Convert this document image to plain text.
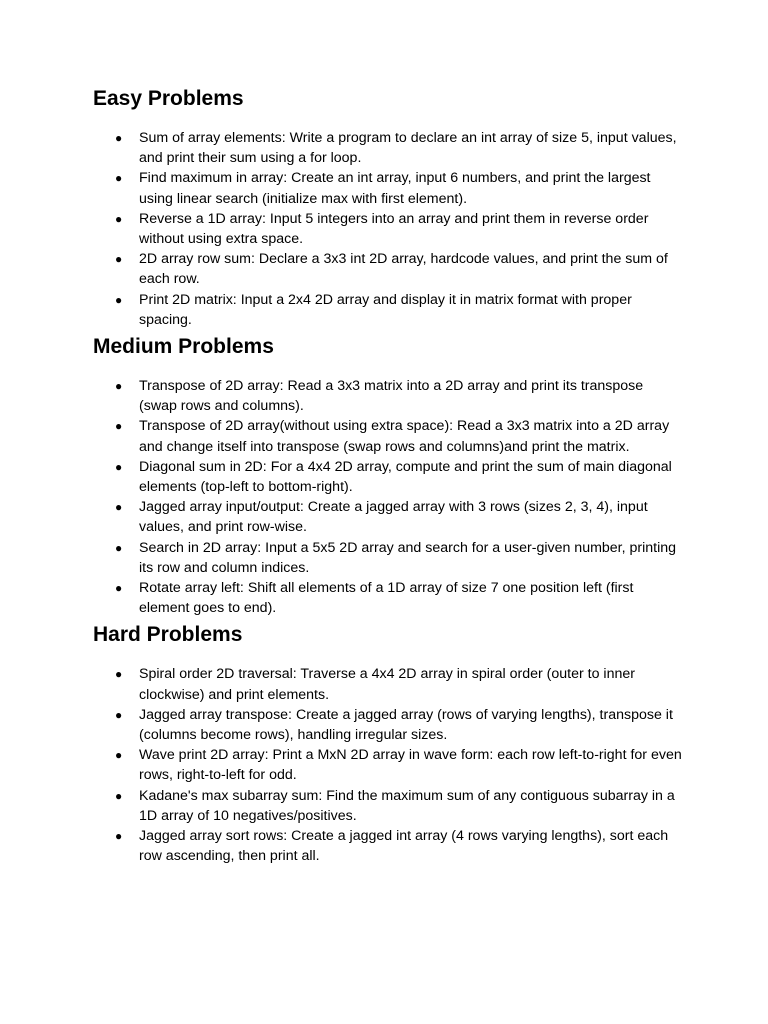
Easy Problems
● Sum of array elements: Write a program to declare an int array of size 5, input values, and print their sum using a for loop.
● Find maximum in array: Create an int array, input 6 numbers, and print the largest using linear search (initialize max with first element).
● Reverse a 1D array: Input 5 integers into an array and print them in reverse order without using extra space.
● 2D array row sum: Declare a 3x3 int 2D array, hardcode values, and print the sum of each row.
● Print 2D matrix: Input a 2x4 2D array and display it in matrix format with proper spacing.
Medium Problems
● Transpose of 2D array: Read a 3x3 matrix into a 2D array and print its transpose (swap rows and columns).
● Transpose of 2D array(without using extra space): Read a 3x3 matrix into a 2D array and change itself into transpose (swap rows and columns)and print the matrix.
● Diagonal sum in 2D: For a 4x4 2D array, compute and print the sum of main diagonal elements (top-left to bottom-right).
● Jagged array input/output: Create a jagged array with 3 rows (sizes 2, 3, 4), input values, and print row-wise.
● Search in 2D array: Input a 5x5 2D array and search for a user-given number, printing its row and column indices.
● Rotate array left: Shift all elements of a 1D array of size 7 one position left (first element goes to end).
Hard Problems
● Spiral order 2D traversal: Traverse a 4x4 2D array in spiral order (outer to inner clockwise) and print elements.
● Jagged array transpose: Create a jagged array (rows of varying lengths), transpose it (columns become rows), handling irregular sizes.
● Wave print 2D array: Print a MxN 2D array in wave form: each row left-to-right for even rows, right-to-left for odd.
● Kadane's max subarray sum: Find the maximum sum of any contiguous subarray in a 1D array of 10 negatives/positives.
● Jagged array sort rows: Create a jagged int array (4 rows varying lengths), sort each row ascending, then print all.
